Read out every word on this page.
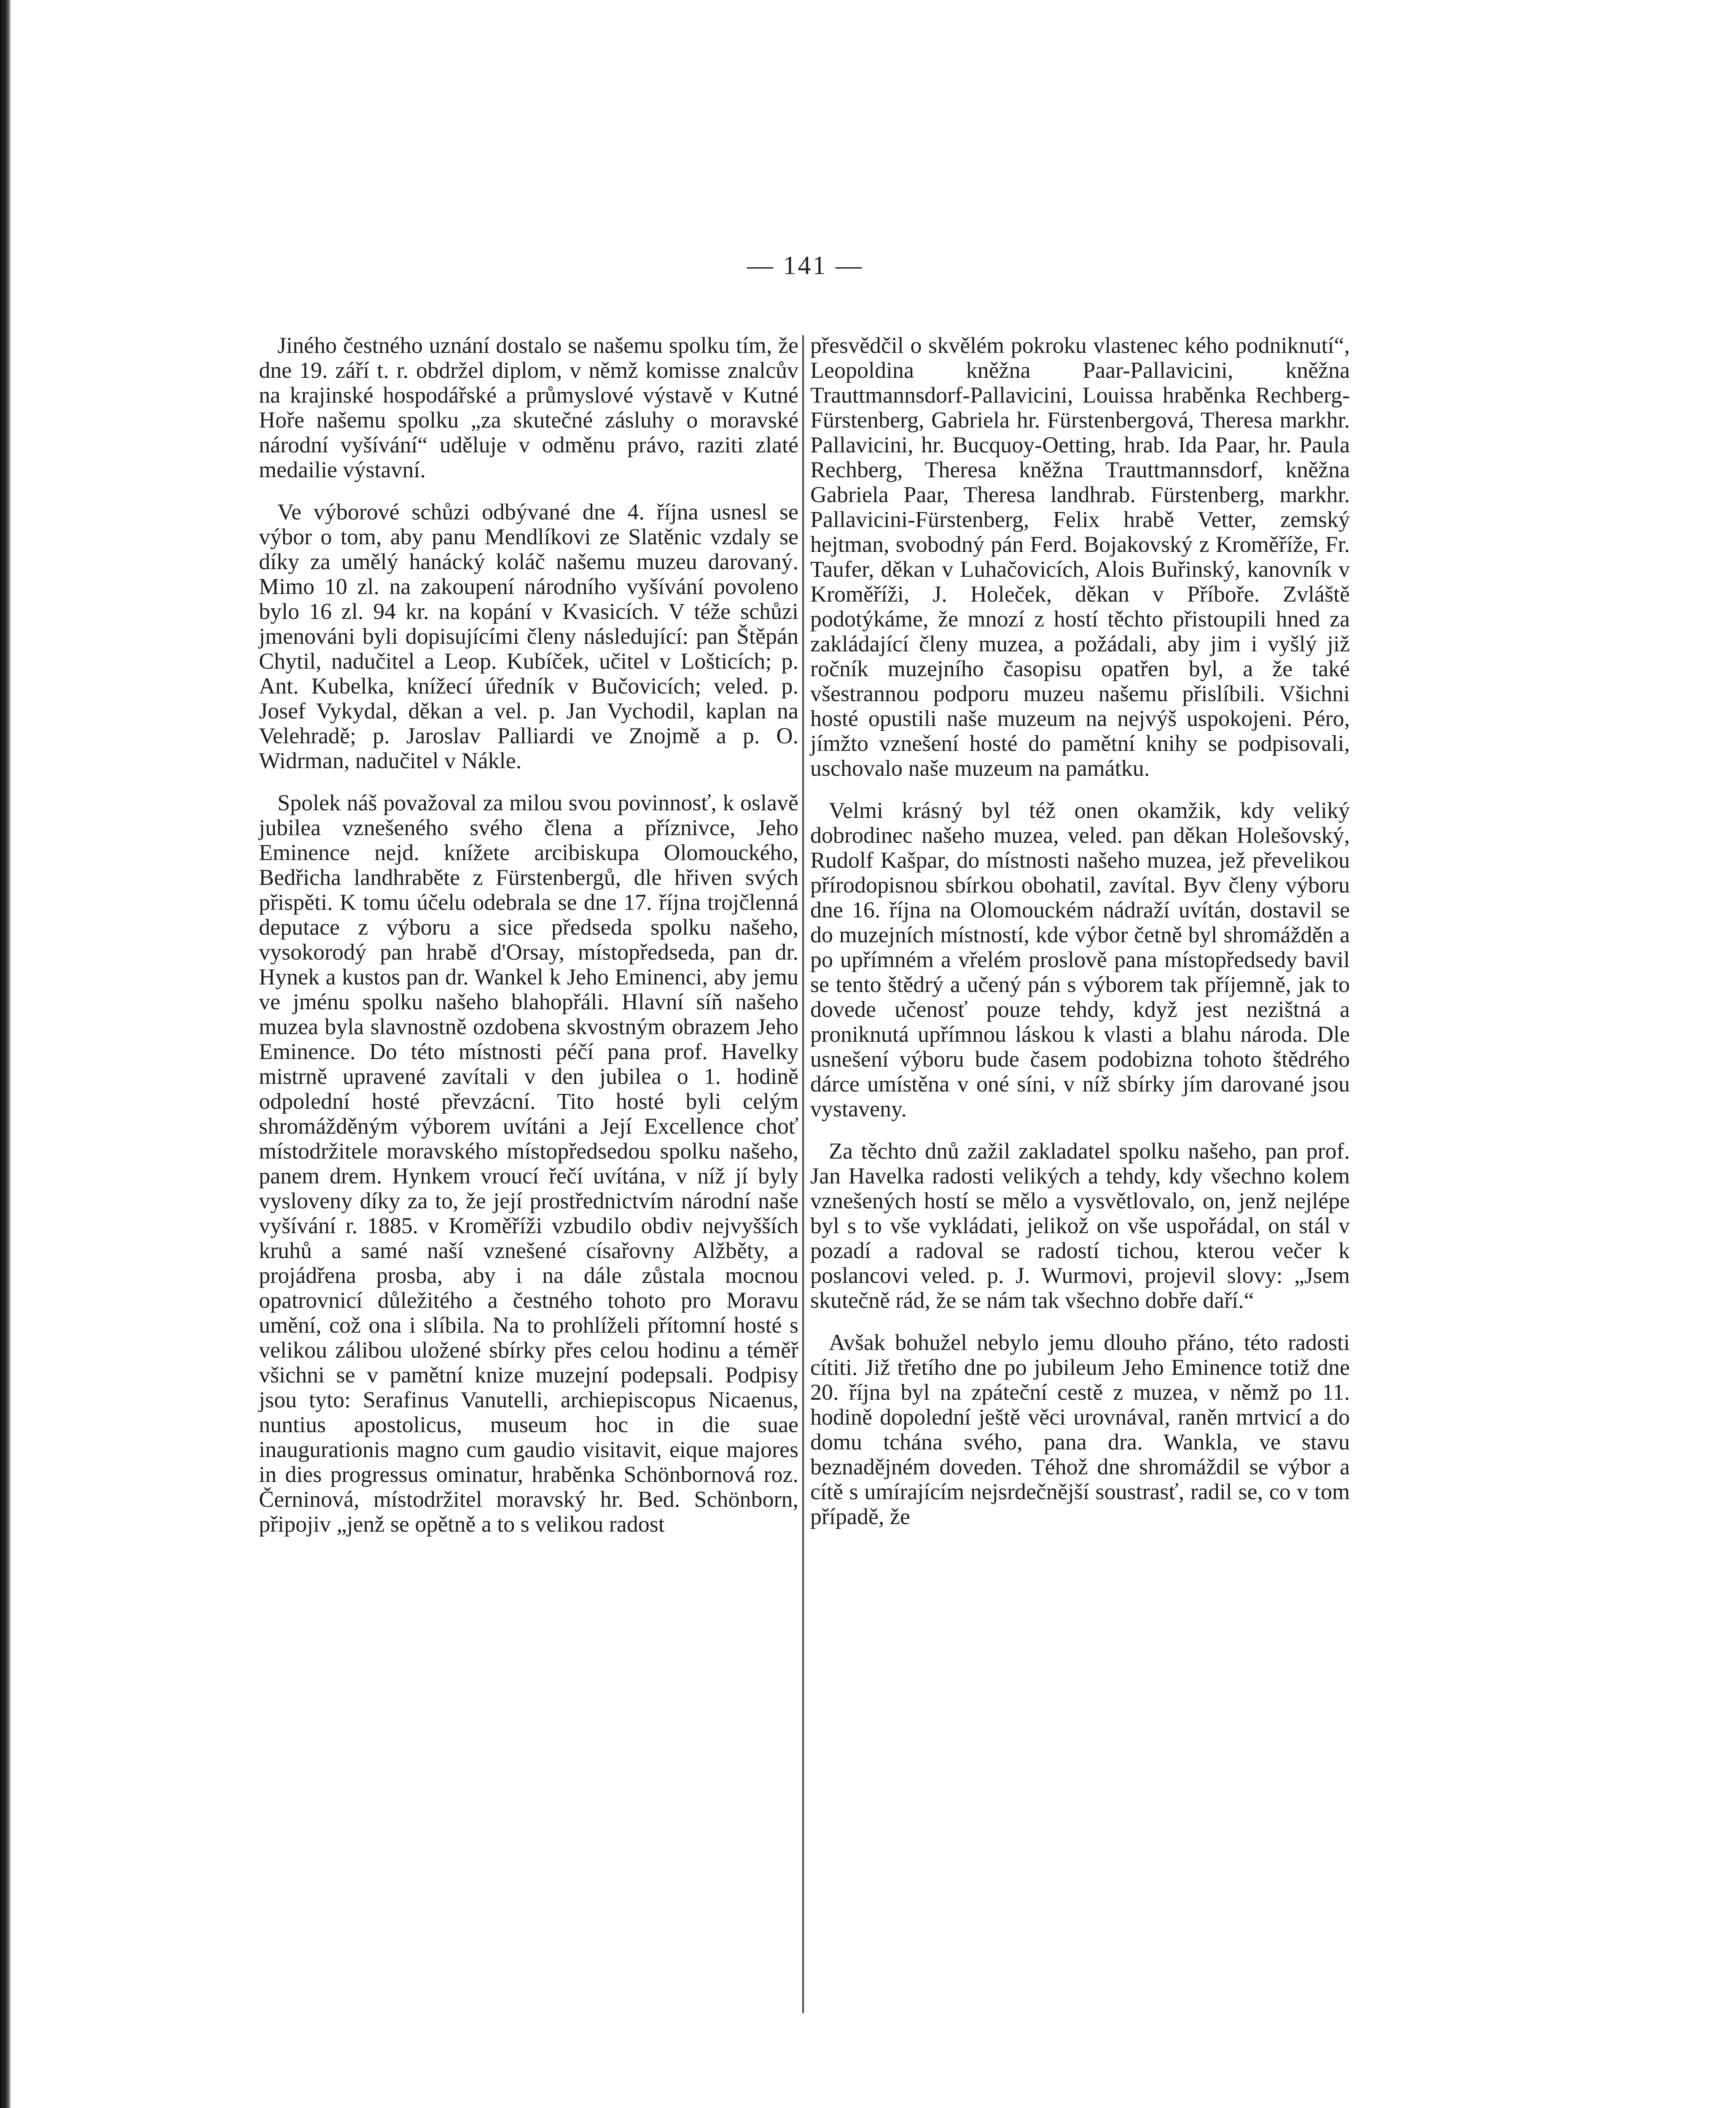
— 141 —

Jiného čestného uznání dostalo se našemu spolku tím, že dne 19. září t. r. obdržel diplom, v němž komisse znalcův na krajinské hospodářské a průmyslové výstavě v Kutné Hoře našemu spolku „za skutečné zásluhy o moravské národní vyšívání“ uděluje v odměnu právo, raziti zlaté medailie výstavní.

Ve výborové schůzi odbývané dne 4. října usnesl se výbor o tom, aby panu Mendlíkovi ze Slatěnic vzdaly se díky za umělý hanácký koláč našemu muzeu darovaný. Mimo 10 zl. na zakoupení národního vyšívání povoleno bylo 16 zl. 94 kr. na kopání v Kvasicích. V téže schůzi jmenováni byli dopisujícími členy následující: pan Štěpán Chytil, nadučitel a Leop. Kubíček, učitel v Lošticích; p. Ant. Kubelka, knížecí úředník v Bučovicích; veled. p. Josef Vykydal, děkan a vel. p. Jan Vychodil, kaplan na Velehradě; p. Jaroslav Palliardi ve Znojmě a p. O. Widrman, nadučitel v Nákle.

Spolek náš považoval za milou svou povinnosť, k oslavě jubilea vznešeného svého člena a příznivce, Jeho Eminence nejd. knížete arcibiskupa Olomouckého, Bedřicha landhraběte z Fürstenbergů, dle hřiven svých přispěti. K tomu účelu odebrala se dne 17. října trojčlenná deputace z výboru a sice předseda spolku našeho, vysokorodý pan hrabě d'Orsay, místopředseda, pan dr. Hynek a kustos pan dr. Wankel k Jeho Eminenci, aby jemu ve jménu spolku našeho blahopřáli. Hlavní síň našeho muzea byla slavnostně ozdobena skvostným obrazem Jeho Eminence. Do této místnosti péčí pana prof. Havelky mistrně upravené zavítali v den jubilea o 1. hodině odpolední hosté převzácní. Tito hosté byli celým shromážděným výborem uvítáni a Její Excellence choť místodržitele moravského místopředsedou spolku našeho, panem drem. Hynkem vroucí řečí uvítána, v níž jí byly vysloveny díky za to, že její prostřednictvím národní naše vyšívání r. 1885. v Kroměříži vzbudilo obdiv nejvyšších kruhů a samé naší vznešené císařovny Alžběty, a projádřena prosba, aby i na dále zůstala mocnou opatrovnicí důležitého a čestného tohoto pro Moravu umění, což ona i slíbila. Na to prohlíželi přítomní hosté s velikou zálibou uložené sbírky přes celou hodinu a téměř všichni se v pamětní knize muzejní podepsali. Podpisy jsou tyto: Serafinus Vanutelli, archiepiscopus Nicaenus, nuntius apostolicus, museum hoc in die suae inaugurationis magno cum gaudio visitavit, eique majores in dies progressus ominatur, hraběnka Schönbornová roz. Černinová, místodržitel moravský hr. Bed. Schönborn, připojiv „jenž se opětně a to s velikou radost

přesvědčil o skvělém pokroku vlastenec kého podniknutí“, Leopoldina kněžna Paar-Pallavicini, kněžna Trauttmannsdorf-Pallavicini, Louissa hraběnka Rechberg-Fürstenberg, Gabriela hr. Fürstenbergová, Theresa markhr. Pallavicini, hr. Bucquoy-Oetting, hrab. Ida Paar, hr. Paula Rechberg, Theresa kněžna Trauttmannsdorf, kněžna Gabriela Paar, Theresa landhrab. Fürstenberg, markhr. Pallavicini-Fürstenberg, Felix hrabě Vetter, zemský hejtman, svobodný pán Ferd. Bojakovský z Kroměříže, Fr. Taufer, děkan v Luhačovicích, Alois Buřinský, kanovník v Kroměříži, J. Holeček, děkan v Příboře. Zvláště podotýkáme, že mnozí z hostí těchto přistoupili hned za zakládající členy muzea, a požádali, aby jim i vyšlý již ročník muzejního časopisu opatřen byl, a že také všestrannou podporu muzeu našemu přislíbili. Všichni hosté opustili naše muzeum na nejvýš uspokojeni. Péro, jímžto vznešení hosté do pamětní knihy se podpisovali, uschovalo naše muzeum na památku.

Velmi krásný byl též onen okamžik, kdy veliký dobrodinec našeho muzea, veled. pan děkan Holešovský, Rudolf Kašpar, do místnosti našeho muzea, jež převelikou přírodopisnou sbírkou obohatil, zavítal. Byv členy výboru dne 16. října na Olomouckém nádraží uvítán, dostavil se do muzejních místností, kde výbor četně byl shromážděn a po upřímném a vřelém proslově pana místopředsedy bavil se tento štědrý a učený pán s výborem tak příjemně, jak to dovede učenosť pouze tehdy, když jest nezištná a proniknutá upřímnou láskou k vlasti a blahu národa. Dle usnešení výboru bude časem podobizna tohoto štědrého dárce umístěna v oné síni, v níž sbírky jím darované jsou vystaveny.

Za těchto dnů zažil zakladatel spolku našeho, pan prof. Jan Havelka radosti velikých a tehdy, kdy všechno kolem vznešených hostí se mělo a vysvětlovalo, on, jenž nejlépe byl s to vše vykládati, jelikož on vše uspořádal, on stál v pozadí a radoval se radostí tichou, kterou večer k poslancovi veled. p. J. Wurmovi, projevil slovy: „Jsem skutečně rád, že se nám tak všechno dobře daří.“

Avšak bohužel nebylo jemu dlouho přáno, této radosti cítiti. Již třetího dne po jubileum Jeho Eminence totiž dne 20. října byl na zpáteční cestě z muzea, v němž po 11. hodině dopolední ještě věci urovnával, raněn mrtvicí a do domu tchána svého, pana dra. Wankla, ve stavu beznadějném doveden. Téhož dne shromáždil se výbor a cítě s umírajícím nejsrdečnější soustrasť, radil se, co v tom případě, že
